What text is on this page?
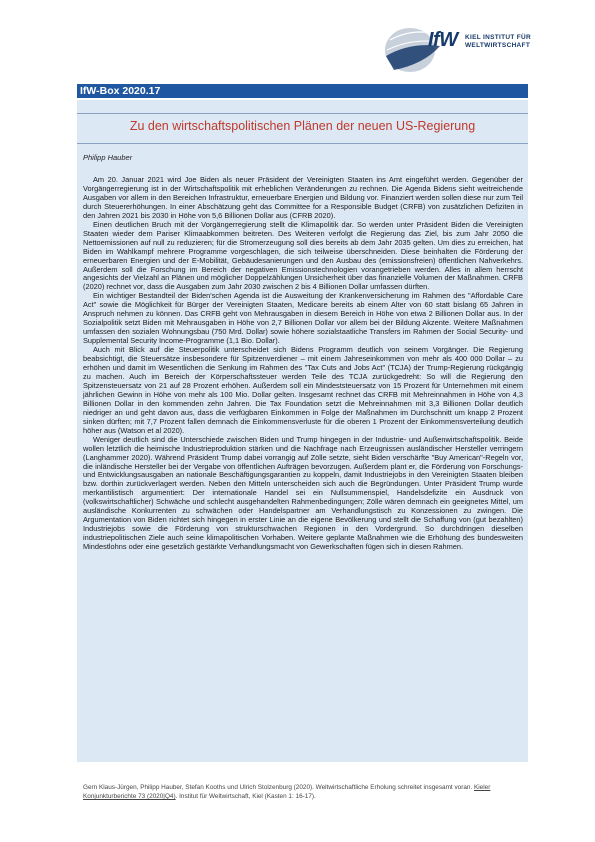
IfW KIEL INSTITUT FÜR
WELTWIRTSCHAFT
IfW-Box 2020.17
Zu den wirtschaftspolitischen Plänen der neuen US-Regierung
Philipp Hauber

Am 20. Januar 2021 wird Joe Biden als neuer Präsident der Vereinigten Staaten ins Amt eingeführt werden. Gegenüber der Vorgängerregierung ist in der Wirtschaftspolitik mit erheblichen Veränderungen zu rechnen. Die Agenda Bidens sieht weitreichende Ausgaben vor allem in den Bereichen Infrastruktur, erneuerbare Energien und Bildung vor. Finanziert werden sollen diese nur zum Teil durch Steuererhöhungen. In einer Abschätzung geht das Committee for a Responsible Budget (CRFB) von zusätzlichen Defiziten in den Jahren 2021 bis 2030 in Höhe von 5,6 Billionen Dollar aus (CFRB 2020).

Einen deutlichen Bruch mit der Vorgängerregierung stellt die Klimapolitik dar. So werden unter Präsident Biden die Vereinigten Staaten wieder dem Pariser Klimaabkommen beitreten. Des Weiteren verfolgt die Regierung das Ziel, bis zum Jahr 2050 die Nettoemissionen auf null zu reduzieren; für die Stromerzeugung soll dies bereits ab dem Jahr 2035 gelten. Um dies zu erreichen, hat Biden im Wahlkampf mehrere Programme vorgeschlagen, die sich teilweise überschneiden. Diese beinhalten die Förderung der erneuerbaren Energien und der E-Mobilität, Gebäudesanierungen und den Ausbau des (emissionsfreien) öffentlichen Nahverkehrs. Außerdem soll die Forschung im Bereich der negativen Emissionstechnologien vorangetrieben werden. Alles in allem herrscht angesichts der Vielzahl an Plänen und möglicher Doppelzählungen Unsicherheit über das finanzielle Volumen der Maßnahmen. CRFB (2020) rechnet vor, dass die Ausgaben zum Jahr 2030 zwischen 2 bis 4 Billionen Dollar umfassen dürften.

Ein wichtiger Bestandteil der Biden'schen Agenda ist die Ausweitung der Krankenversicherung im Rahmen des "Affordable Care Act" sowie die Möglichkeit für Bürger der Vereinigten Staaten, Medicare bereits ab einem Alter von 60 statt bislang 65 Jahren in Anspruch nehmen zu können. Das CRFB geht von Mehrausgaben in diesem Bereich in Höhe von etwa 2 Billionen Dollar aus. In der Sozialpolitik setzt Biden mit Mehrausgaben in Höhe von 2,7 Billionen Dollar vor allem bei der Bildung Akzente. Weitere Maßnahmen umfassen den sozialen Wohnungsbau (750 Mrd. Dollar) sowie höhere sozialstaatliche Transfers im Rahmen der Social Security- und Supplemental Security Income-Programme (1,1 Bio. Dollar).

Auch mit Blick auf die Steuerpolitik unterscheidet sich Bidens Programm deutlich von seinem Vorgänger. Die Regierung beabsichtigt, die Steuersätze insbesondere für Spitzenverdiener – mit einem Jahreseinkommen von mehr als 400 000 Dollar – zu erhöhen und damit im Wesentlichen die Senkung im Rahmen des "Tax Cuts and Jobs Act" (TCJA) der Trump-Regierung rückgängig zu machen. Auch im Bereich der Körperschaftssteuer werden Teile des TCJA zurückgedreht: So will die Regierung den Spitzensteuersatz von 21 auf 28 Prozent erhöhen. Außerdem soll ein Mindeststeuersatz von 15 Prozent für Unternehmen mit einem jährlichen Gewinn in Höhe von mehr als 100 Mio. Dollar gelten. Insgesamt rechnet das CRFB mit Mehreinnahmen in Höhe von 4,3 Billionen Dollar in den kommenden zehn Jahren. Die Tax Foundation setzt die Mehreinnahmen mit 3,3 Billionen Dollar deutlich niedriger an und geht davon aus, dass die verfügbaren Einkommen in Folge der Maßnahmen im Durchschnitt um knapp 2 Prozent sinken dürften; mit 7,7 Prozent fallen demnach die Einkommensverluste für die oberen 1 Prozent der Einkommensverteilung deutlich höher aus (Watson et al 2020).

Weniger deutlich sind die Unterschiede zwischen Biden und Trump hingegen in der Industrie- und Außenwirtschaftspolitik. Beide wollen letztlich die heimische Industrieproduktion stärken und die Nachfrage nach Erzeugnissen ausländischer Hersteller verringern (Langhammer 2020). Während Präsident Trump dabei vorrangig auf Zölle setzte, sieht Biden verschärfte "Buy American"-Regeln vor, die inländische Hersteller bei der Vergabe von öffentlichen Aufträgen bevorzugen. Außerdem plant er, die Förderung von Forschungs- und Entwicklungsausgaben an nationale Beschäftigungsgarantien zu koppeln, damit Industriejobs in den Vereinigten Staaten bleiben bzw. dorthin zurückverlagert werden. Neben den Mitteln unterscheiden sich auch die Begründungen. Unter Präsident Trump wurde merkantilistisch argumentiert: Der internationale Handel sei ein Nullsummenspiel, Handelsdefizite ein Ausdruck von (volkswirtschaftlicher) Schwäche und schlecht ausgehandelten Rahmenbedingungen; Zölle wären demnach ein geeignetes Mittel, um ausländische Konkurrenten zu schwächen oder Handelspartner am Verhandlungstisch zu Konzessionen zu zwingen. Die Argumentation von Biden richtet sich hingegen in erster Linie an die eigene Bevölkerung und stellt die Schaffung von (gut bezahlten) Industriejobs sowie die Förderung von strukturschwachen Regionen in den Vordergrund. So durchdringen dieselben industriepolitischen Ziele auch seine klimapolitischen Vorhaben. Weitere geplante Maßnahmen wie die Erhöhung des bundesweiten Mindestlohns oder eine gesetzlich gestärkte Verhandlungsmacht von Gewerkschaften fügen sich in diesen Rahmen.

Gern Klaus-Jürgen, Philipp Hauber, Stefan Kooths und Ulrich Stolzenburg (2020). Weltwirtschaftliche Erholung schreitet insgesamt voran. Kieler Konjunkturberichte 73 (2020|Q4). Institut für Weltwirtschaft, Kiel (Kasten 1: 16-17).
